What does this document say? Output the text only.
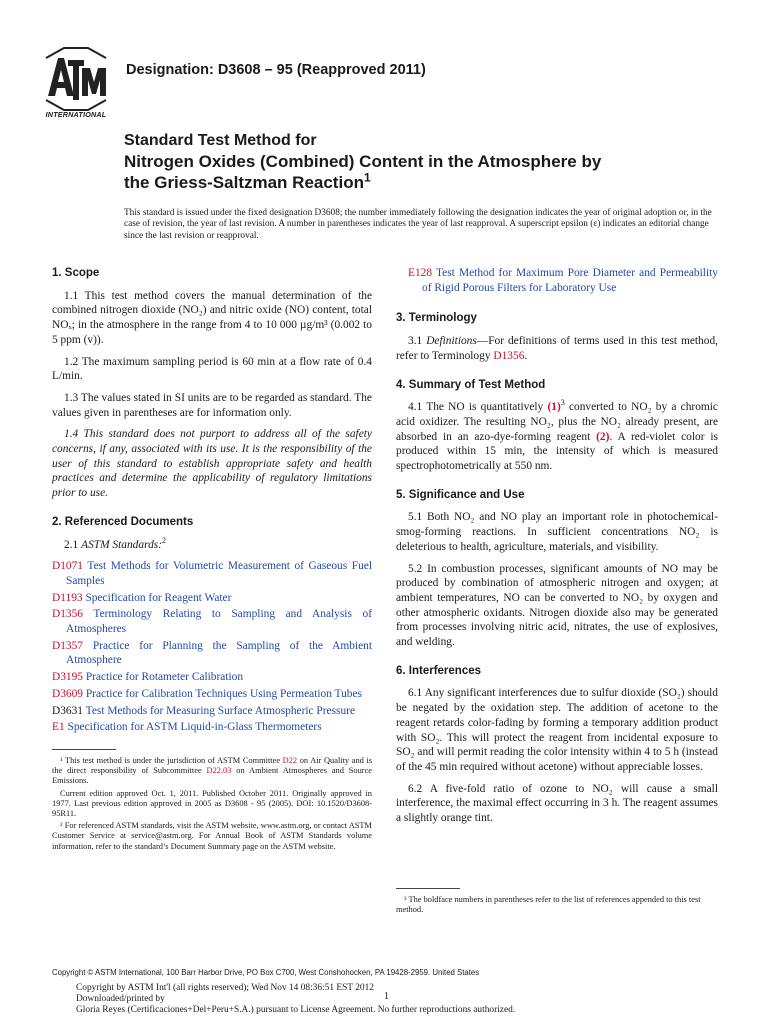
INTERNATIONAL
Designation: D3608 – 95 (Reapproved 2011)
Standard Test Method for
Nitrogen Oxides (Combined) Content in the Atmosphere by
the Griess-Saltzman Reaction$^1$
This standard is issued under the fixed designation D3608; the number immediately following the designation indicates the year of original adoption or, in the case of revision, the year of last revision. A number in parentheses indicates the year of last reapproval. A superscript epsilon (ε) indicates an editorial change since the last revision or reapproval.
1. Scope

1.1 This test method covers the manual determination of the combined nitrogen dioxide (NO₂) and nitric oxide (NO) content, total NOₓ; in the atmosphere in the range from 4 to 10 000 µg/m³ (0.002 to 5 ppm (v)).

1.2 The maximum sampling period is 60 min at a flow rate of 0.4 L/min.

1.3 The values stated in SI units are to be regarded as standard. The values given in parentheses are for information only.

1.4 This standard does not purport to address all of the safety concerns, if any, associated with its use. It is the responsibility of the user of this standard to establish appropriate safety and health practices and determine the applicability of regulatory limitations prior to use.

2. Referenced Documents

2.1 ASTM Standards:$^2$

D1071 Test Methods for Volumetric Measurement of Gaseous Fuel Samples
D1193 Specification for Reagent Water
D1356 Terminology Relating to Sampling and Analysis of Atmospheres
D1357 Practice for Planning the Sampling of the Ambient Atmosphere
D3195 Practice for Rotameter Calibration
D3609 Practice for Calibration Techniques Using Permeation Tubes
D3631 Test Methods for Measuring Surface Atmospheric Pressure
E1 Specification for ASTM Liquid-in-Glass Thermometers

¹ This test method is under the jurisdiction of ASTM Committee D22 on Air Quality and is the direct responsibility of Subcommittee D22.03 on Ambient Atmospheres and Source Emissions.

Current edition approved Oct. 1, 2011. Published October 2011. Originally approved in 1977. Last previous edition approved in 2005 as D3608 - 95 (2005). DOI: 10.1520/D3608-95R11.

² For referenced ASTM standards, visit the ASTM website, www.astm.org, or contact ASTM Customer Service at service@astm.org. For Annual Book of ASTM Standards volume information, refer to the standard’s Document Summary page on the ASTM website.

E128 Test Method for Maximum Pore Diameter and Permeability of Rigid Porous Filters for Laboratory Use
3. Terminology

3.1 Definitions—For definitions of terms used in this test method, refer to Terminology D1356.

4. Summary of Test Method

4.1 The NO is quantitatively $(1)^3$ converted to NO₂ by a chromic acid oxidizer. The resulting NO₂, plus the NO₂ already present, are absorbed in an azo-dye-forming reagent (2). A red-violet color is produced within 15 min, the intensity of which is measured spectrophotometrically at 550 nm.

5. Significance and Use

5.1 Both NO₂ and NO play an important role in photochemical-smog-forming reactions. In sufficient concentrations NO₂ is deleterious to health, agriculture, materials, and visibility.

5.2 In combustion processes, significant amounts of NO may be produced by combination of atmospheric nitrogen and oxygen; at ambient temperatures, NO can be converted to NO₂ by oxygen and other atmospheric oxidants. Nitrogen dioxide also may be generated from processes involving nitric acid, nitrates, the use of explosives, and welding.

6. Interferences

6.1 Any significant interferences due to sulfur dioxide (SO₂) should be negated by the oxidation step. The addition of acetone to the reagent retards color-fading by forming a temporary addition product with SO₂. This will protect the reagent from incidental exposure to SO₂ and will permit reading the color intensity within 4 to 5 h (instead of the 45 min required without acetone) without appreciable losses.

6.2 A five-fold ratio of ozone to NO₂ will cause a small interference, the maximal effect occurring in 3 h. The reagent assumes a slightly orange tint.

³ The boldface numbers in parentheses refer to the list of references appended to this test method.

Copyright © ASTM International, 100 Barr Harbor Drive, PO Box C700, West Conshohocken, PA 19428-2959. United States
Copyright by ASTM Int'l (all rights reserved); Wed Nov 14 08:36:51 EST 2012
Downloaded/printed by
Gloria Reyes (Certificaciones+Del+Peru+S.A.) pursuant to License Agreement. No further reproductions authorized.
1
